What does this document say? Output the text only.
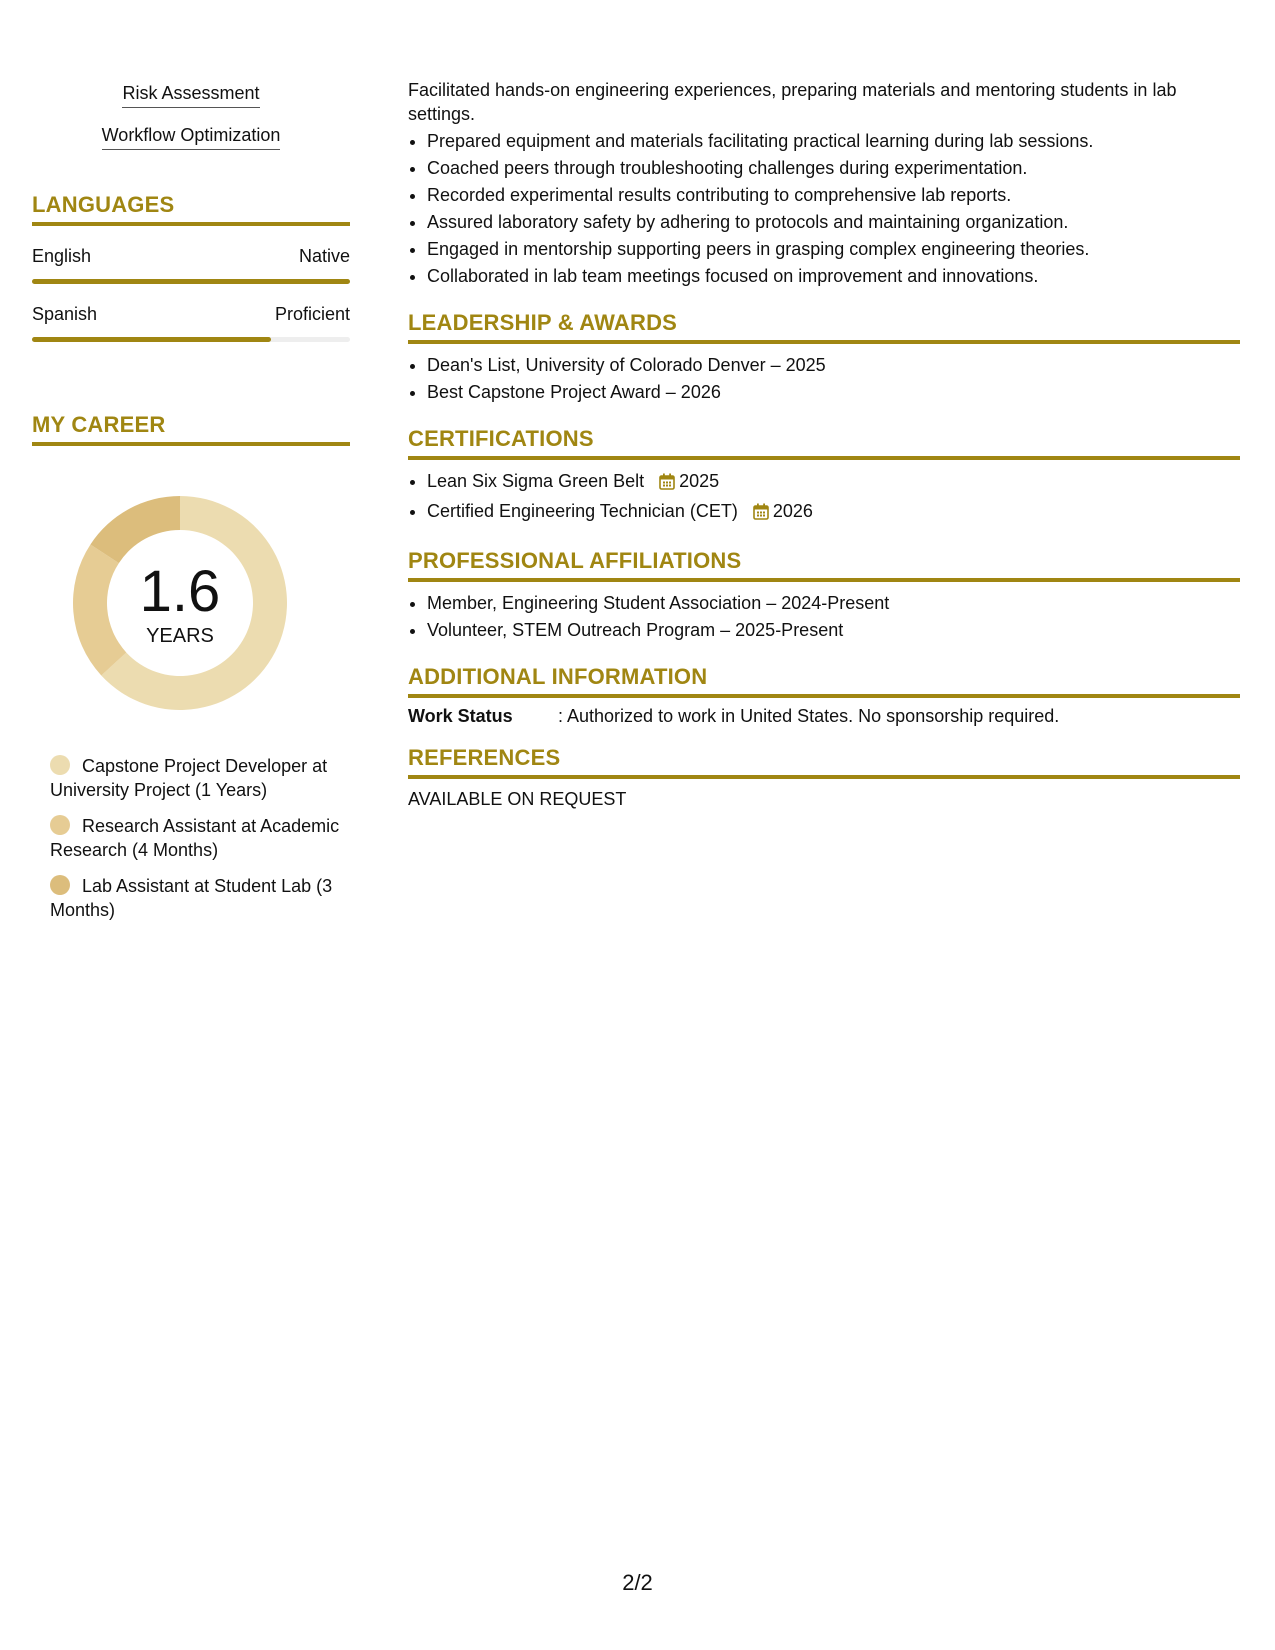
Risk Assessment
Workflow Optimization
LANGUAGES
English	Native
Spanish	Proficient
MY CAREER
1.6
YEARS
Capstone Project Developer at University Project (1 Years)
Research Assistant at Academic Research (4 Months)
Lab Assistant at Student Lab (3 Months)

Facilitated hands-on engineering experiences, preparing materials and mentoring students in lab settings.

• Prepared equipment and materials facilitating practical learning during lab sessions.
• Coached peers through troubleshooting challenges during experimentation.
• Recorded experimental results contributing to comprehensive lab reports.
• Assured laboratory safety by adhering to protocols and maintaining organization.
• Engaged in mentorship supporting peers in grasping complex engineering theories.
• Collaborated in lab team meetings focused on improvement and innovations.
LEADERSHIP & AWARDS
• Dean's List, University of Colorado Denver – 2025
• Best Capstone Project Award – 2026
CERTIFICATIONS
• Lean Six Sigma Green Belt 2025
• Certified Engineering Technician (CET) 2026
PROFESSIONAL AFFILIATIONS
• Member, Engineering Student Association – 2024-Present
• Volunteer, STEM Outreach Program – 2025-Present
ADDITIONAL INFORMATION
Work Status	: Authorized to work in United States. No sponsorship required.
REFERENCES
AVAILABLE ON REQUEST
2/2
